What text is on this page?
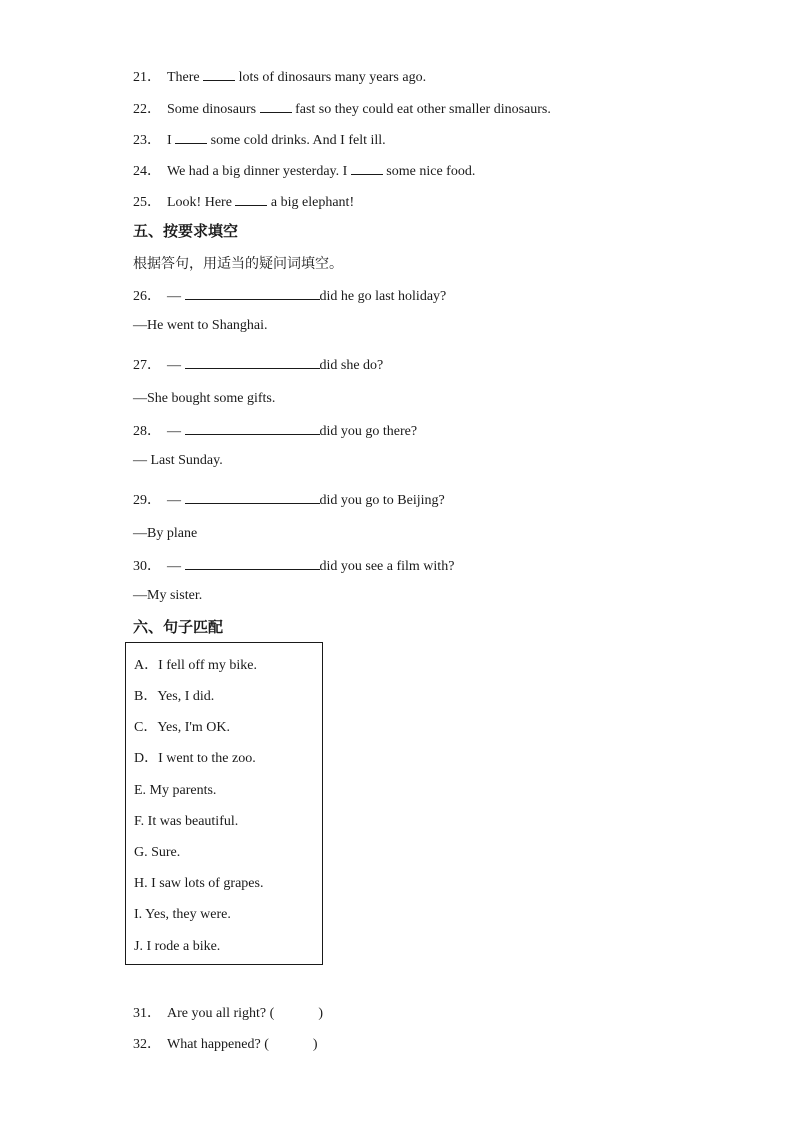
21． There	lots of dinosaurs many years ago.
22． Some dinosaurs	fast so they could eat other smaller dinosaurs.
23． I	some cold drinks. And I felt ill.
24． We had a big dinner yesterday. I	some nice food.
25． Look! Here	a big elephant!
五、按要求填空
根据答句，用适当的疑问词填空。
26． —	did he go last holiday?
—He went to Shanghai.
27． —	did she do?
—She bought some gifts.
28． —	did you go there?
— Last Sunday.
29． —	did you go to Beijing?
—By plane
30． —	did you see a film with?
—My sister.
六、句子匹配
A．I fell off my bike.
B．Yes, I did.
C．Yes, I'm OK.
D．I went to the zoo.
E. My parents.
F. It was beautiful.
G. Sure.
H. I saw lots of grapes.
I. Yes, they were.
J. I rode a bike.
31． Are you all right? (	)
32． What happened? (	)
